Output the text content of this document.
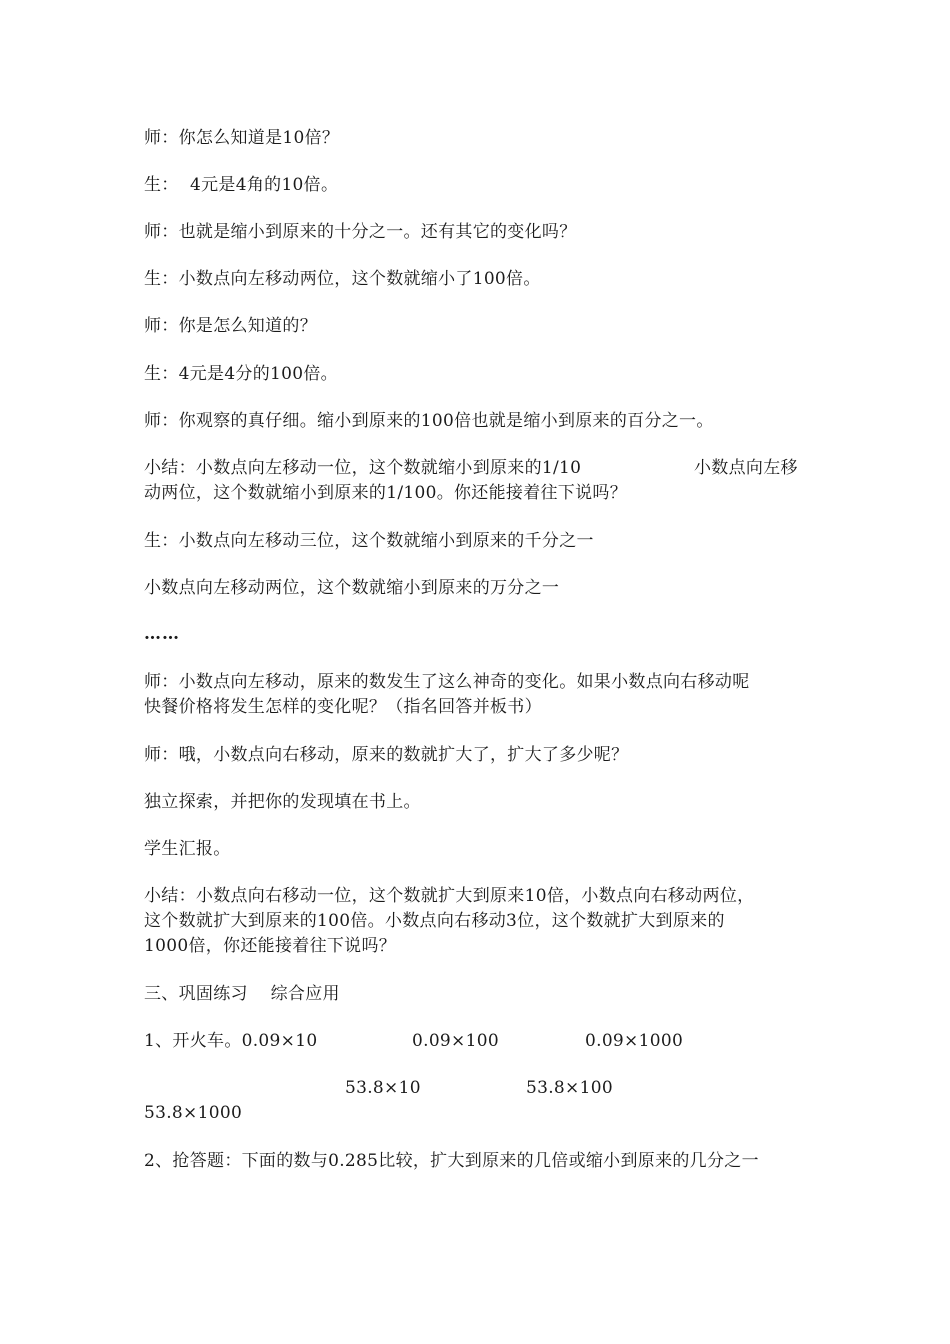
师：你怎么知道是10倍？
生：  4元是4角的10倍。
师：也就是缩小到原来的十分之一。还有其它的变化吗？
生：小数点向左移动两位，这个数就缩小了100倍。
师：你是怎么知道的？
生：4元是4分的100倍。
师：你观察的真仔细。缩小到原来的100倍也就是缩小到原来的百分之一。
小结：小数点向左移动一位，这个数就缩小到原来的1/10	小数点向左移
动两位，这个数就缩小到原来的1/100。你还能接着往下说吗？
生：小数点向左移动三位，这个数就缩小到原来的千分之一
小数点向左移动两位，这个数就缩小到原来的万分之一
……
师：小数点向左移动，原来的数发生了这么神奇的变化。如果小数点向右移动呢
快餐价格将发生怎样的变化呢？（指名回答并板书）
师：哦，小数点向右移动，原来的数就扩大了，扩大了多少呢？
独立探索，并把你的发现填在书上。
学生汇报。
小结：小数点向右移动一位，这个数就扩大到原来10倍，小数点向右移动两位，
这个数就扩大到原来的100倍。小数点向右移动3位，这个数就扩大到原来的
1000倍，你还能接着往下说吗？
三、巩固练习    综合应用
1、开火车。0.09×10	0.09×100	0.09×1000
53.8×10	53.8×100
53.8×1000
2、抢答题：下面的数与0.285比较，扩大到原来的几倍或缩小到原来的几分之一
